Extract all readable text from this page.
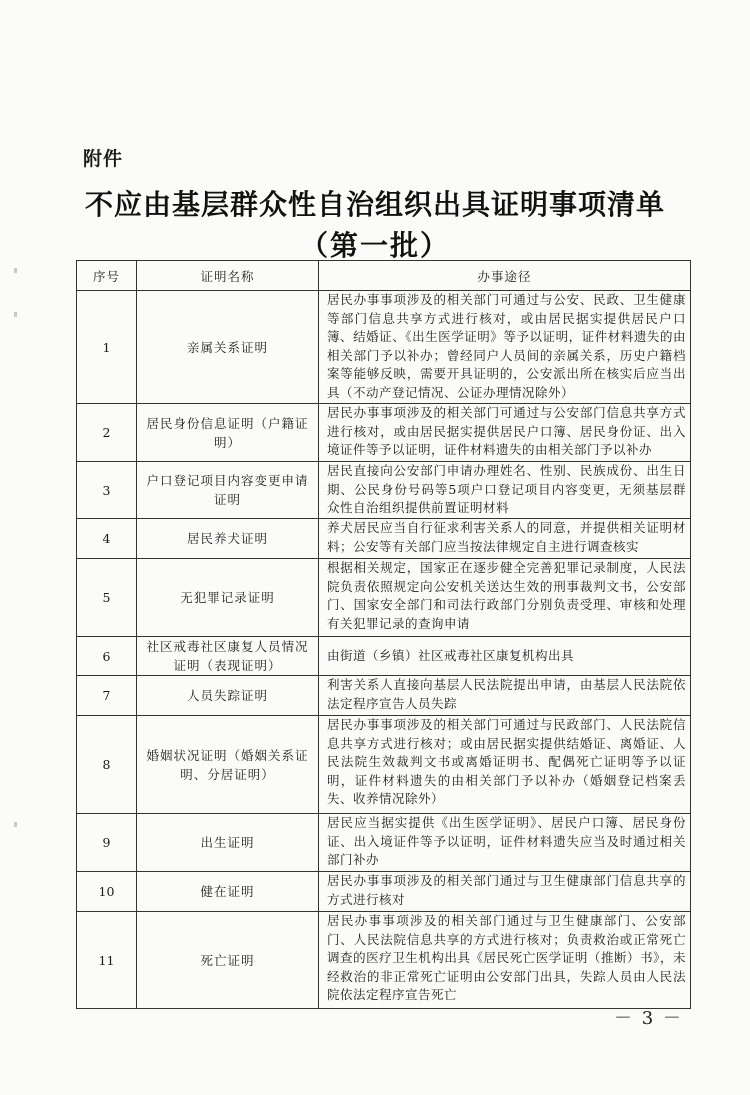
附件
不应由基层群众性自治组织出具证明事项清单
（第一批）
序号	证明名称	办事途径
1	亲属关系证明	居民办事事项涉及的相关部门可通过与公安、民政、卫生健康等部门信息共享方式进行核对，或由居民据实提供居民户口簿、结婚证、《出生医学证明》等予以证明，证件材料遗失的由相关部门予以补办；曾经同户人员间的亲属关系，历史户籍档案等能够反映，需要开具证明的，公安派出所在核实后应当出具（不动产登记情况、公证办理情况除外）
2	居民身份信息证明（户籍证明）	居民办事事项涉及的相关部门可通过与公安部门信息共享方式进行核对，或由居民据实提供居民户口簿、居民身份证、出入境证件等予以证明，证件材料遗失的由相关部门予以补办
3	户口登记项目内容变更申请证明	居民直接向公安部门申请办理姓名、性别、民族成份、出生日期、公民身份号码等5项户口登记项目内容变更，无须基层群众性自治组织提供前置证明材料
4	居民养犬证明	养犬居民应当自行征求利害关系人的同意，并提供相关证明材料；公安等有关部门应当按法律规定自主进行调查核实
5	无犯罪记录证明	根据相关规定，国家正在逐步健全完善犯罪记录制度，人民法院负责依照规定向公安机关送达生效的刑事裁判文书，公安部门、国家安全部门和司法行政部门分别负责受理、审核和处理有关犯罪记录的查询申请
6	社区戒毒社区康复人员情况证明（表现证明）	由街道（乡镇）社区戒毒社区康复机构出具
7	人员失踪证明	利害关系人直接向基层人民法院提出申请，由基层人民法院依法定程序宣告人员失踪
8	婚姻状况证明（婚姻关系证明、分居证明）	居民办事事项涉及的相关部门可通过与民政部门、人民法院信息共享方式进行核对；或由居民据实提供结婚证、离婚证、人民法院生效裁判文书或离婚证明书、配偶死亡证明等予以证明，证件材料遗失的由相关部门予以补办（婚姻登记档案丢失、收养情况除外）
9	出生证明	居民应当据实提供《出生医学证明》、居民户口簿、居民身份证、出入境证件等予以证明，证件材料遗失应当及时通过相关部门补办
10	健在证明	居民办事事项涉及的相关部门通过与卫生健康部门信息共享的方式进行核对
11	死亡证明	居民办事事项涉及的相关部门通过与卫生健康部门、公安部门、人民法院信息共享的方式进行核对；负责救治或正常死亡调查的医疗卫生机构出具《居民死亡医学证明（推断）书》，未经救治的非正常死亡证明由公安部门出具，失踪人员由人民法院依法定程序宣告死亡
－ 3 －
